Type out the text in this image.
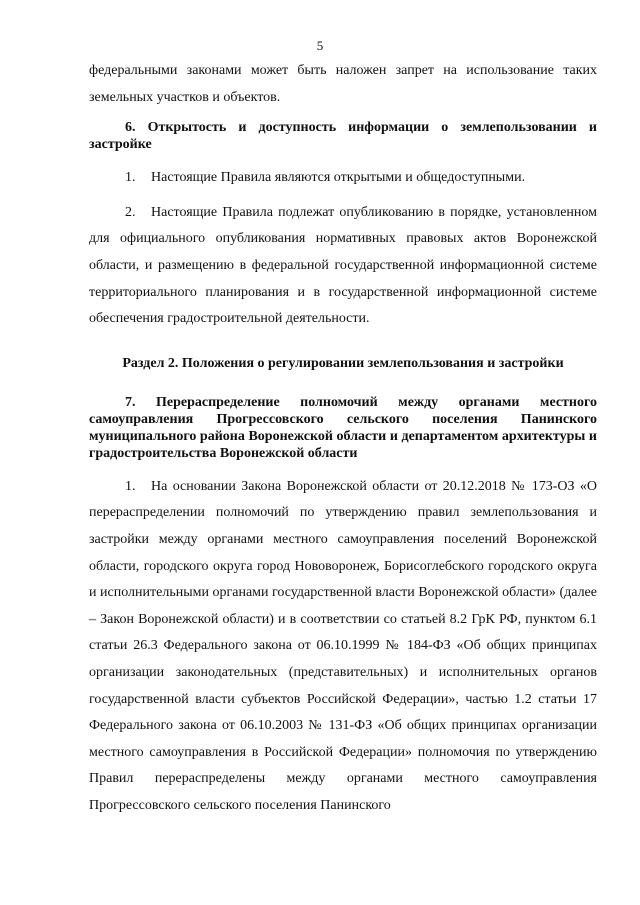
5

федеральными законами может быть наложен запрет на использование таких земельных участков и объектов.

6. Открытость и доступность информации о землепользовании и застройке

1. Настоящие Правила являются открытыми и общедоступными.

2. Настоящие Правила подлежат опубликованию в порядке, установленном для официального опубликования нормативных правовых актов Воронежской области, и размещению в федеральной государственной информационной системе территориального планирования и в государственной информационной системе обеспечения градостроительной деятельности.

Раздел 2. Положения о регулировании землепользования и застройки

7. Перераспределение полномочий между органами местного самоуправления Прогрессовского сельского поселения Панинского муниципального района Воронежской области и департаментом архитектуры и градостроительства Воронежской области

1. На основании Закона Воронежской области от 20.12.2018 № 173-ОЗ «О перераспределении полномочий по утверждению правил землепользования и застройки между органами местного самоуправления поселений Воронежской области, городского округа город Нововоронеж, Борисоглебского городского округа и исполнительными органами государственной власти Воронежской области» (далее – Закон Воронежской области) и в соответствии со статьей 8.2 ГрК РФ, пунктом 6.1 статьи 26.3 Федерального закона от 06.10.1999 № 184-ФЗ «Об общих принципах организации законодательных (представительных) и исполнительных органов государственной власти субъектов Российской Федерации», частью 1.2 статьи 17 Федерального закона от 06.10.2003 № 131-ФЗ «Об общих принципах организации местного самоуправления в Российской Федерации» полномочия по утверждению Правил перераспределены между органами местного самоуправления Прогрессовского сельского поселения Панинского
